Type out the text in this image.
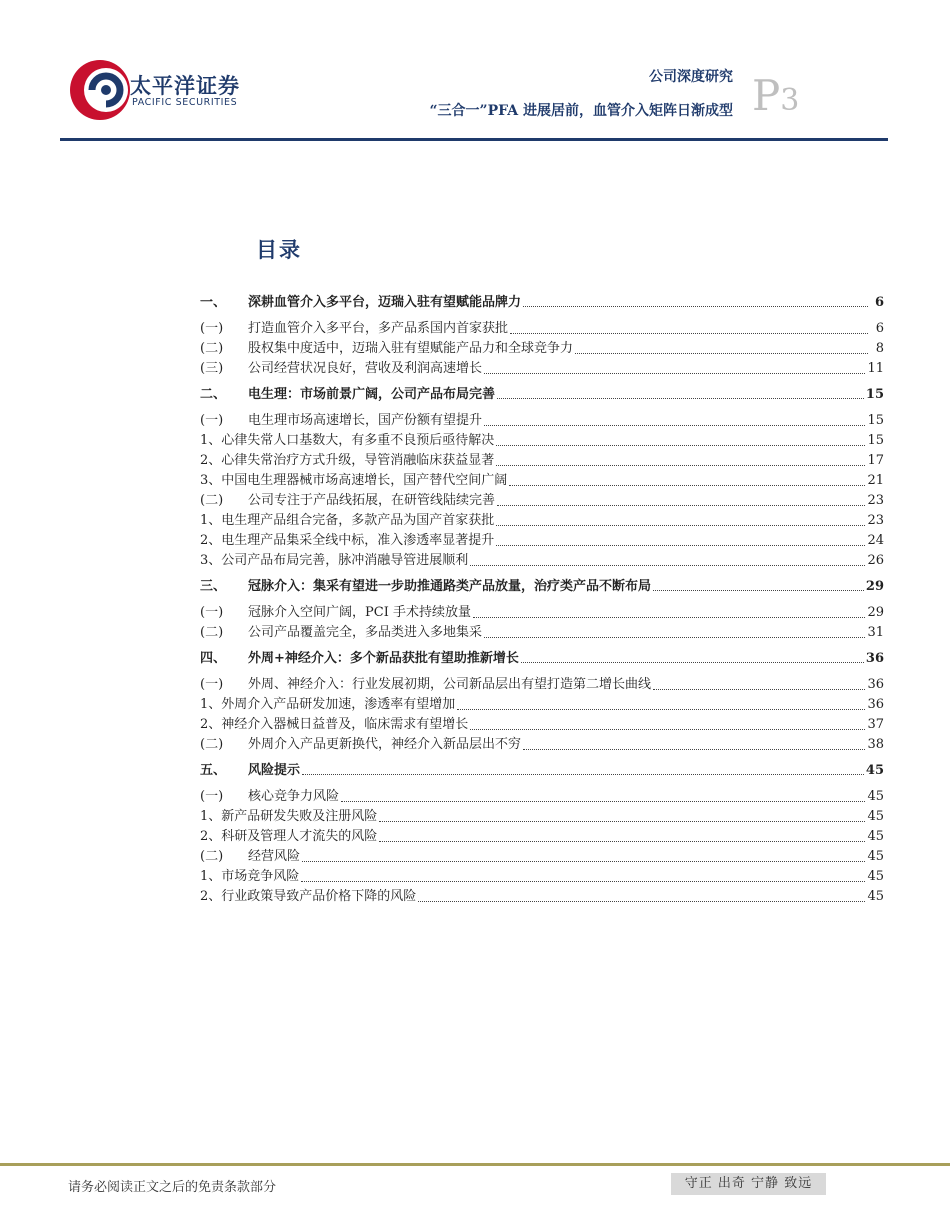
太平洋证券
PACIFIC SECURITIES
公司深度研究
“三合一”PFA 进展居前，血管介入矩阵日渐成型 P3
目录
一、	深耕血管介入多平台，迈瑞入驻有望赋能品牌力	6
(一)	打造血管介入多平台，多产品系国内首家获批	6
(二)	股权集中度适中，迈瑞入驻有望赋能产品力和全球竞争力	8
(三)	公司经营状况良好，营收及利润高速增长	11
二、	电生理：市场前景广阔，公司产品布局完善	15
(一)	电生理市场高速增长，国产份额有望提升	15
1、 心律失常人口基数大，有多重不良预后亟待解决	15
2、 心律失常治疗方式升级，导管消融临床获益显著	17
3、 中国电生理器械市场高速增长，国产替代空间广阔	21
(二)	公司专注于产品线拓展，在研管线陆续完善	23
1、 电生理产品组合完备，多款产品为国产首家获批	23
2、 电生理产品集采全线中标，准入渗透率显著提升	24
3、 公司产品布局完善，脉冲消融导管进展顺利	26
三、	冠脉介入：集采有望进一步助推通路类产品放量，治疗类产品不断布局	29
(一)	冠脉介入空间广阔，PCI 手术持续放量	29
(二)	公司产品覆盖完全，多品类进入多地集采	31
四、	外周+神经介入：多个新品获批有望助推新增长	36
(一)	外周、神经介入：行业发展初期，公司新品层出有望打造第二增长曲线	36
1、 外周介入产品研发加速，渗透率有望增加	36
2、 神经介入器械日益普及，临床需求有望增长	37
(二)	外周介入产品更新换代，神经介入新品层出不穷	38
五、	风险提示	45
(一)	核心竞争力风险	45
1、 新产品研发失败及注册风险	45
2、 科研及管理人才流失的风险	45
(二)	经营风险	45
1、 市场竞争风险	45
2、 行业政策导致产品价格下降的风险	45
请务必阅读正文之后的免责条款部分	守正 出奇 宁静 致远
